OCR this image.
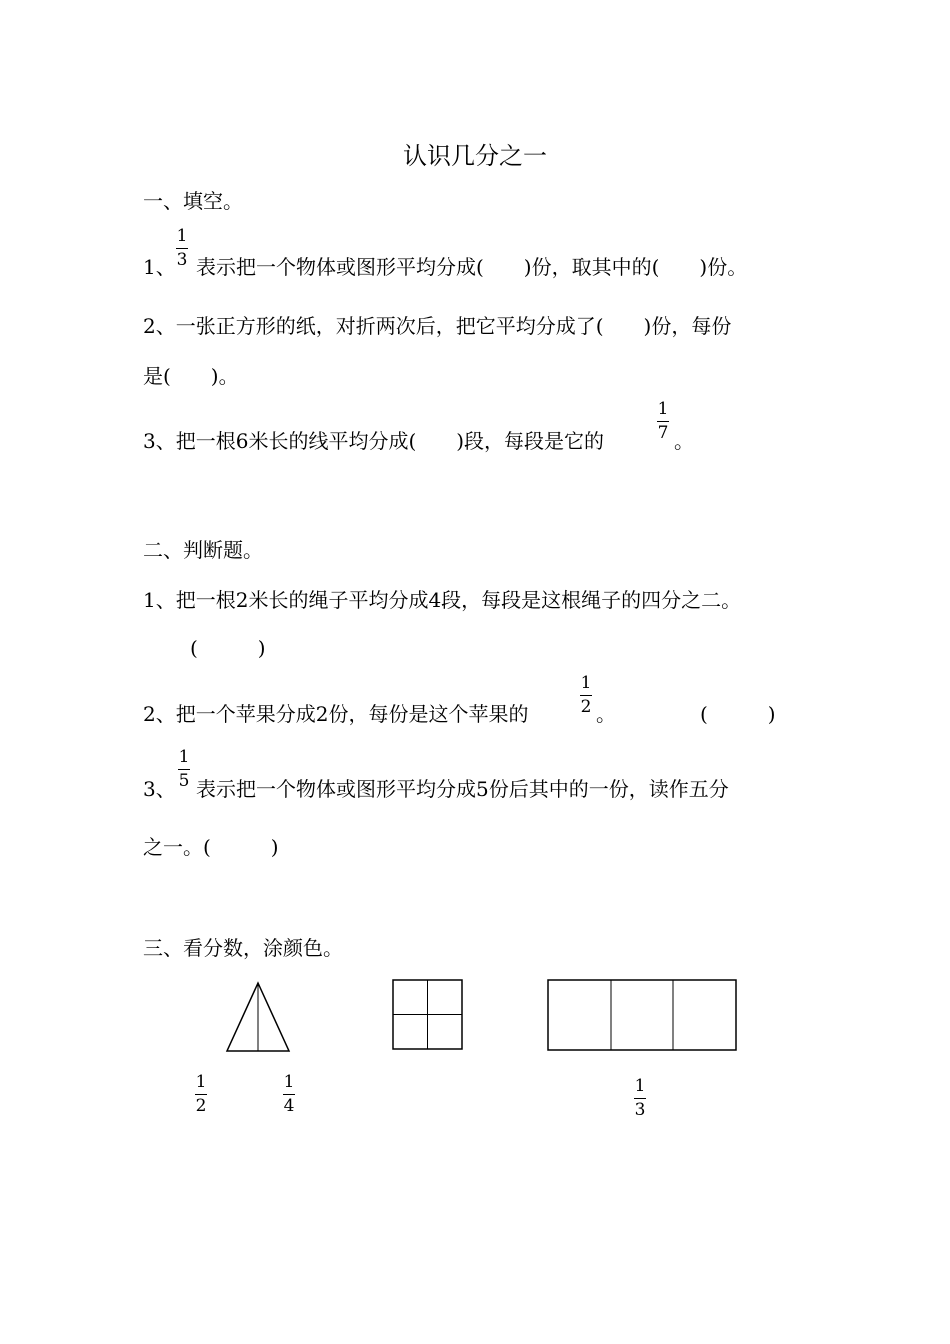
认识几分之一
一、填空。
1、
1
3 表示把一个物体或图形平均分成(　　)份，取其中的(　　)份。
2、一张正方形的纸，对折两次后，把它平均分成了(　　)份，每份
是(　　)。
3、把一根6米长的线平均分成(　　)段，每段是它的
1
7 。
二、判断题。
1、把一根2米长的绳子平均分成4段，每段是这根绳子的四分之二。
(　　　)
2、把一个苹果分成2份，每份是这个苹果的
1
2 。	(　　　)
3、
1
5 表示把一个物体或图形平均分成5份后其中的一份，读作五分
之一。(　　　)
三、看分数，涂颜色。
1
2
1
4
1
3
